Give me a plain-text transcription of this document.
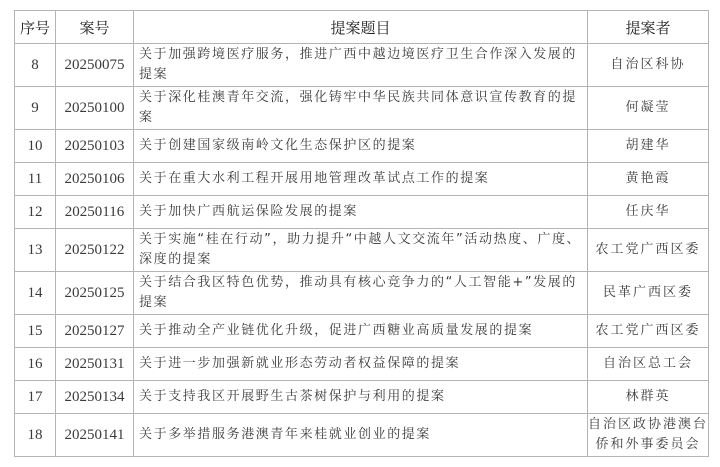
序号	案号	提案题目	提案者
8	20250075	关于加强跨境医疗服务，推进广西中越边境医疗卫生合作深入发展的提案	自治区科协
9	20250100	关于深化桂澳青年交流，强化铸牢中华民族共同体意识宣传教育的提案	何凝莹
10	20250103	关于创建国家级南岭文化生态保护区的提案	胡建华
11	20250106	关于在重大水利工程开展用地管理改革试点工作的提案	黄艳霞
12	20250116	关于加快广西航运保险发展的提案	任庆华
13	20250122	关于实施“桂在行动”，助力提升“中越人文交流年”活动热度、广度、深度的提案	农工党广西区委
14	20250125	关于结合我区特色优势，推动具有核心竞争力的“人工智能+”发展的提案	民革广西区委
15	20250127	关于推动全产业链优化升级，促进广西糖业高质量发展的提案	农工党广西区委
16	20250131	关于进一步加强新就业形态劳动者权益保障的提案	自治区总工会
17	20250134	关于支持我区开展野生古茶树保护与利用的提案	林群英
18	20250141	关于多举措服务港澳青年来桂就业创业的提案	自治区政协港澳台侨和外事委员会
